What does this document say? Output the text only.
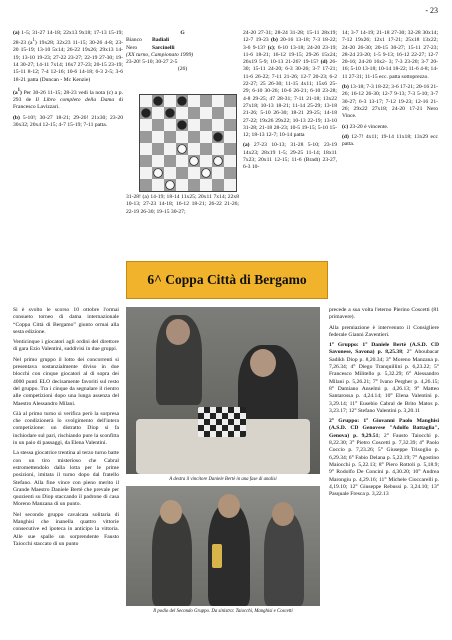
- 23

(a) 1-5; 31-27 14-18; 22x13 9x18; 17-13 15-19; 28-23 $(a^1)$ 19x28; 32x23 11-15; 30-26 4-8; 23-20 15-19; 13-10 5x14; 26-22 19x26; 29x13 14-19; 13-10 19-23; 27-22 23-27; 22-19 27-30; 19-14 30-27; 14-11 7x14; 16x7 27-23; 20-15 23-19; 15-11 8-12; 7-4 12-16; 10-6 14-18; 6-3 2-5; 3-6 18-21 patta (Duncan - Mc Kenzie)

$(a^1)$ Per 30-26 11-15; 28-23 vedi la nota (c) a p. 293 de Il Libro completo della Dama di Francesco Lavizzari.

(b) 5-10!; 30-27 18-21; 29-26! 21x30; 23-20 30x32; 20x4 12-15; 4-7 15-19; 7-11 patta.

G
Bianco Badiali
Nero	Sarcinelli
(XX turno, Campionato 1999)
23-20! 5-10; 30-27 2-5
(26)
31-28! (a) 14-19; 18-14 11x25; 20x11 7x14; 22x8 10-13; 27-23 14-18; 16-12 18-21; 26-22 21-26; 22-19 26-30; 19-15 30-27;

24-20 27-31; 28-24 31-28; 15-11 28x19; 12-7 19-23 (b) 20-16 13-18; 7-3 18-22; 3-6 9-13? (c); 6-10 13-18; 24-20 23-19; 11-6 18-21; 16-12 19-15; 29-26 15x24; 26x19 5-9; 10-13 21-26? 19-15? (d) 26-30; 15-11 24-20; 6-3 30-26; 3-7 17-21; 11-6 26-22; 7-11 21-26; 12-7 20-23; 6-2 22-27; 25 26-30; 11-15 4x11; 15x6 25-29; 6-10 30-26; 10-6 26-21; 6-10 23-28; 4-8 29-25; 47 28-31; 7-11 21-18; 13x22 27x18; 10-13 18-21; 11-14 25-29; 13-18 21-26; 5-10 26-30; 18-21 29-25; 14-18 27-22; 19x26 29x22; 10-13 22-19; 13-10 31-28; 21-18 28-23; 10-5 19-15; 5-10 15-12; 18-13 12-7; 10-14 patta

(a) 27-23 10-13; 31-28 5-10; 23-19 14x23; 28x19 1-5; 29-25 11-14; 18x11 7x23; 20x11 12-15; 11-6 (Bradt) 23-27, 6-3 10-

14; 3-7 14-19; 21-18 27-30; 32-28 30x14; 7-12 19x26; 12x1 17-21; 25x18 13x22; 24-20 26-30; 20-15 30-27; 15-11 27-23; 28-24 23-20; 1-5 9-13; 16-12 22-27; 12-7 20-16; 24-20 16x2- 3; 7-3 23-20; 3-7 20-16; 5-10 13-18; 10-14 18-22; 11-6 4-8; 14-11 27-31; 11-15 ecc. patta sottoprezzo.

(b) 13-18; 7-3 18-22; 3-6 17-21; 20-16 21-26; 16-12 26-30; 12-7 9-13; 7-3 5-10; 3-7 30-27; 6-3 13-17; 7-12 19-23; 12-16 21-26; 29x22 27x18; 24-20 17-21 Nero Vince.

(c) 23-20 è vincente.

(d) 12-7! 4x11; 19-14 11x18; 13x29 ecc patta.

6^ Coppa Città di Bergamo

Si è svolto le scorso 10 ottobre l'ormai consueto torneo di dama internazionale “Coppa Città di Bergamo” giunto ormai alla sesta edizione.

Venticinque i giocatori agli ordini del direttore di gara Ezio Valentini, suddivisi in due gruppi.

Nel primo gruppo il lotto dei concorrenti si presentava sostanzialmente diviso in due blocchi con cinque giocatori al di sopra dei 4000 punti ELO decisamente favoriti sul resto del gruppo. Tra i cinque da segnalare il rientro alle competizioni dopo una lunga assenza del Maestro Alessandro Milani.

Già al primo turno si verifica però la sorpresa che condizionerà lo svolgimento dell'intera competizione: un distratto Diop si fa inchiodare sul pari, rischiando pure la sconfitta in un paio di passaggi, da Elena Valentini.

La stessa giocatrice trentina al terzo turno batte con un tiro misterioso che Cabral estromettendolo dalla lotta per le prime posizioni, imitata il turno dopo dal fratello Stefano. Alla fine vince con pieno merito il Grande Maestro Daniele Bertè che prevale per quozienti su Diop staccando il padrone di casa Moreno Manzana di un punto.

Nel secondo gruppo cavalcata solitaria di Manghisi che inanella quattro vittorie consecutive ed ipoteca in anticipo la vittoria. Alle sue spalle un sorprendente Fausto Taiocchi staccato di un punto

A destra il vincitore Daniele Bertè in una fase di analisi
Il podio del Secondo Gruppo. Da sinistra: Taiocchi, Manghisi e Coscetti

precede a sua volta l'eterno Pierino Coscetti (81 primavere).

Alla premiazione è intervenuto il Consigliere federale Gianni Zaventieri.

1° Gruppo: 1° Daniele Bertè (A.S.D. CD Savonese, Savona) p. 8,25.38; 2° Aboubacar Sadikh Diop p. 8,20.34; 3° Moreno Manzana p. 7,26.34; 4° Diego Tranquillini p. 6,23.22; 5° Francesco Militello p. 5,32.29; 6° Alessandro Milani p. 5,26.21; 7° Ivano Pergher p. 4,26.15; 8° Damiano Anselmi p. 4,26.13; 9° Matteo Santarossa p. 4,24.14; 10° Elena Valentini p. 3,29.14; 11° Eusebio Cabral de Brito Matos p. 3,23.17; 12° Stefano Valentini p. 3,20.11

2° Gruppo: 1° Giovanni Paolo Manghisi (A.S.D. CD Genovese "Adolfo Battaglia", Genova) p. 9,29.51; 2° Fausto Taiocchi p. 8,22.30; 3° Pietro Coscetti p. 7,32.39; 4° Paolo Coccio p. 7,23.26; 5° Giuseppe Trisoglio p. 6,29.34; 6° Fabio Delana p. 5,22.19; 7° Agostino Maiocchi p. 5,22.13; 8° Piero Rottoli p. 5,18.9; 9° Rodolfo De Concini p. 4,30.20; 10° Andrea Marongiu p. 4,29.16; 11° Michele Cioccarelli p. 4,19.10; 12° Giuseppe Rebussi p. 3,24.10; 13° Pasquale Fresca p. 3,22.13
